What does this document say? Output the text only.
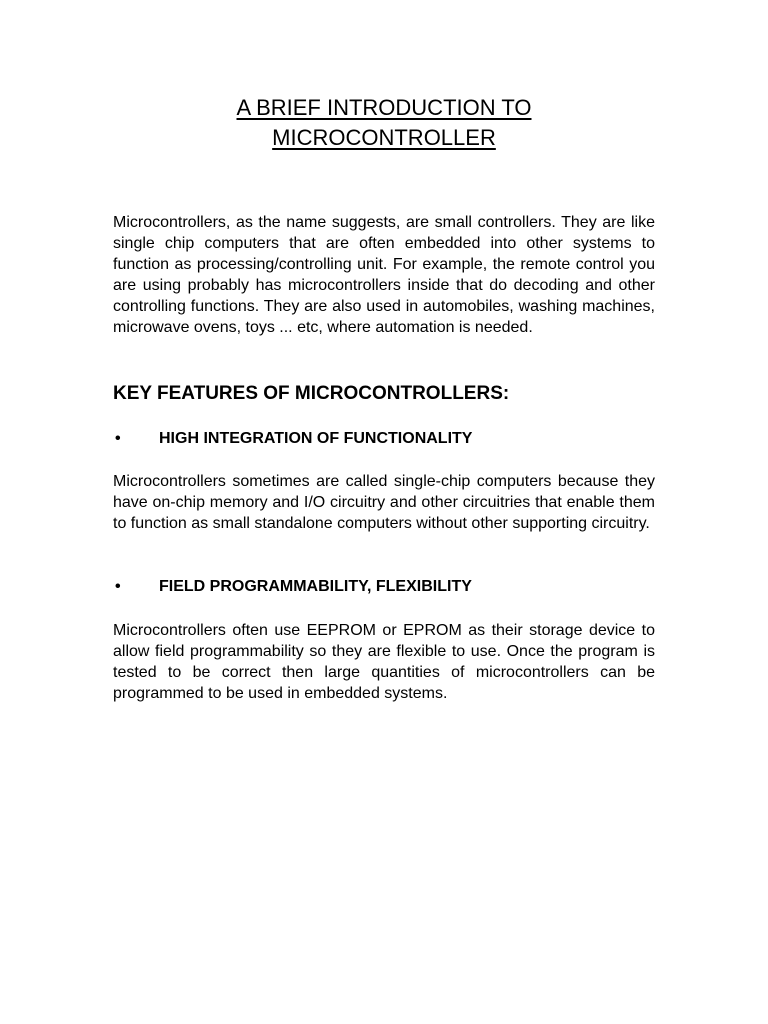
A BRIEF INTRODUCTION TO
MICROCONTROLLER

Microcontrollers, as the name suggests, are small controllers. They are like single chip computers that are often embedded into other systems to function as processing/controlling unit. For example, the remote control you are using probably has microcontrollers inside that do decoding and other controlling functions. They are also used in automobiles, washing machines, microwave ovens, toys ... etc, where automation is needed.

KEY FEATURES OF MICROCONTROLLERS:
• HIGH INTEGRATION OF FUNCTIONALITY

Microcontrollers sometimes are called single-chip computers because they have on-chip memory and I/O circuitry and other circuitries that enable them to function as small standalone computers without other supporting circuitry.

• FIELD PROGRAMMABILITY, FLEXIBILITY

Microcontrollers often use EEPROM or EPROM as their storage device to allow field programmability so they are flexible to use. Once the program is tested to be correct then large quantities of microcontrollers can be programmed to be used in embedded systems.
